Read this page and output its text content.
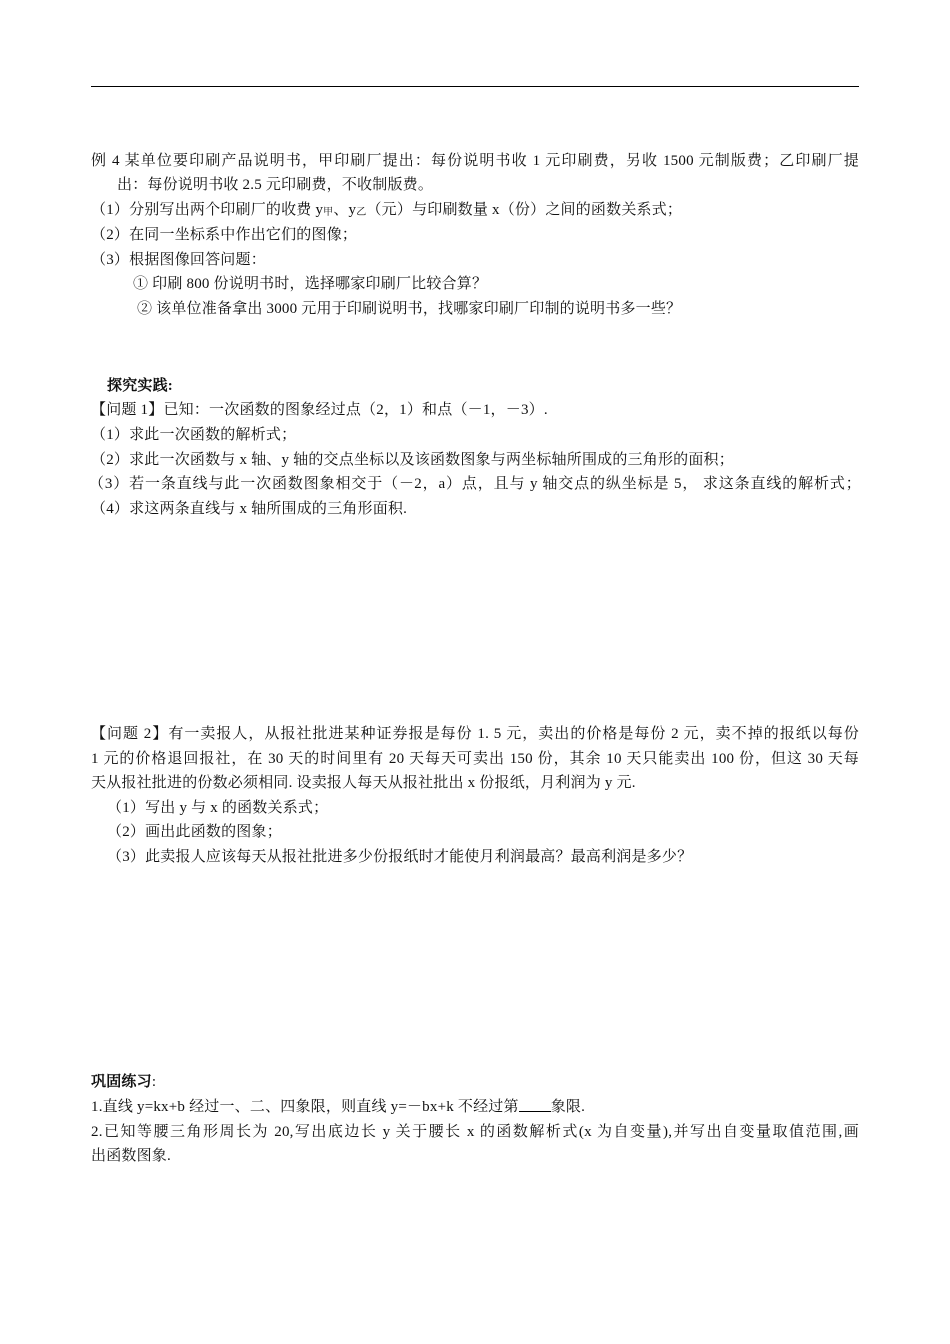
例 4 某单位要印刷产品说明书，甲印刷厂提出：每份说明书收 1 元印刷费，另收 1500 元制版费；乙印刷厂提
出：每份说明书收 2.5 元印刷费，不收制版费。
（1）分别写出两个印刷厂的收费 $y_甲$、$y_乙$（元）与印刷数量 x（份）之间的函数关系式；
（2）在同一坐标系中作出它们的图像；
（3）根据图像回答问题：
① 印刷 800 份说明书时，选择哪家印刷厂比较合算？
② 该单位准备拿出 3000 元用于印刷说明书，找哪家印刷厂印制的说明书多一些？
探究实践:
【问题 1】已知：一次函数的图象经过点（2，1）和点（－1，－3）.
（1）求此一次函数的解析式；
（2）求此一次函数与 x 轴、y 轴的交点坐标以及该函数图象与两坐标轴所围成的三角形的面积；
（3）若一条直线与此一次函数图象相交于（－2，a）点，且与 y 轴交点的纵坐标是 5， 求这条直线的解析式；
（4）求这两条直线与 x 轴所围成的三角形面积.
【问题 2】有一卖报人，从报社批进某种证券报是每份 1. 5 元，卖出的价格是每份 2 元，卖不掉的报纸以每份
1 元的价格退回报社，在 30 天的时间里有 20 天每天可卖出 150 份，其余 10 天只能卖出 100 份，但这 30 天每
天从报社批进的份数必须相同. 设卖报人每天从报社批出 x 份报纸，月利润为 y 元.
（1）写出 y 与 x 的函数关系式；
（2）画出此函数的图象；
（3）此卖报人应该每天从报社批进多少份报纸时才能使月利润最高？最高利润是多少？
巩固练习:
1.直线 y=kx+b 经过一、二、四象限，则直线 y=－bx+k 不经过第 象限.
2.已知等腰三角形周长为 20,写出底边长 y 关于腰长 x 的函数解析式(x 为自变量),并写出自变量取值范围,画
出函数图象.
